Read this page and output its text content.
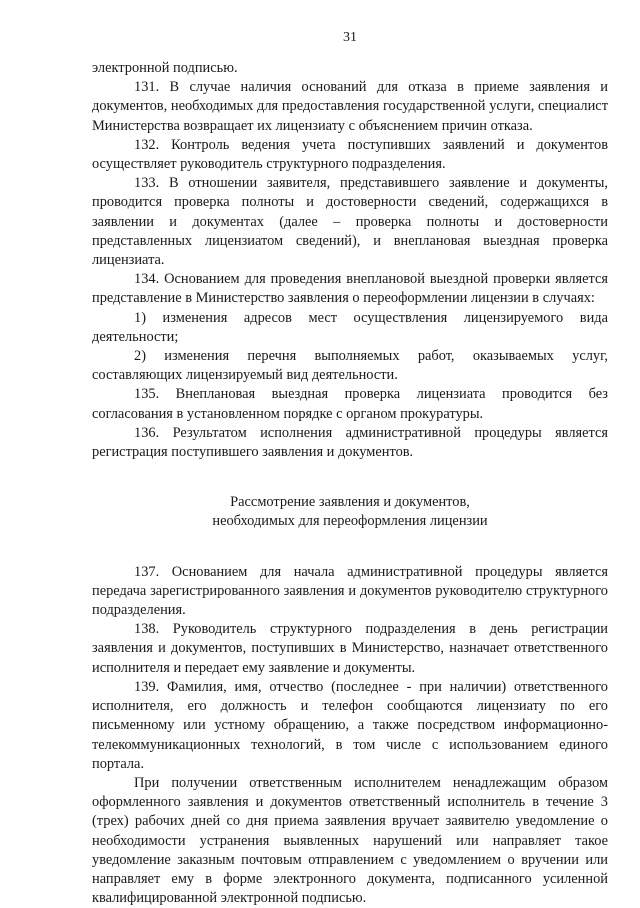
31

электронной подписью.

131. В случае наличия оснований для отказа в приеме заявления и документов, необходимых для предоставления государственной услуги, специалист Министерства возвращает их лицензиату с объяснением причин отказа.

132. Контроль ведения учета поступивших заявлений и документов осуществляет руководитель структурного подразделения.

133. В отношении заявителя, представившего заявление и документы, проводится проверка полноты и достоверности сведений, содержащихся в заявлении и документах (далее – проверка полноты и достоверности представленных лицензиатом сведений), и внеплановая выездная проверка лицензиата.

134. Основанием для проведения внеплановой выездной проверки является представление в Министерство заявления о переоформлении лицензии в случаях:

1) изменения адресов мест осуществления лицензируемого вида деятельности;

2) изменения перечня выполняемых работ, оказываемых услуг, составляющих лицензируемый вид деятельности.

135. Внеплановая выездная проверка лицензиата проводится без согласования в установленном порядке с органом прокуратуры.

136. Результатом исполнения административной процедуры является регистрация поступившего заявления и документов.

Рассмотрение заявления и документов,
необходимых для переоформления лицензии

137. Основанием для начала административной процедуры является передача зарегистрированного заявления и документов руководителю структурного подразделения.

138. Руководитель структурного подразделения в день регистрации заявления и документов, поступивших в Министерство, назначает ответственного исполнителя и передает ему заявление и документы.

139. Фамилия, имя, отчество (последнее - при наличии) ответственного исполнителя, его должность и телефон сообщаются лицензиату по его письменному или устному обращению, а также посредством информационно-телекоммуникационных технологий, в том числе с использованием единого портала.

При получении ответственным исполнителем ненадлежащим образом оформленного заявления и документов ответственный исполнитель в течение 3 (трех) рабочих дней со дня приема заявления вручает заявителю уведомление о необходимости устранения выявленных нарушений или направляет такое уведомление заказным почтовым отправлением с уведомлением о вручении или направляет ему в форме электронного документа, подписанного усиленной квалифицированной электронной подписью.
